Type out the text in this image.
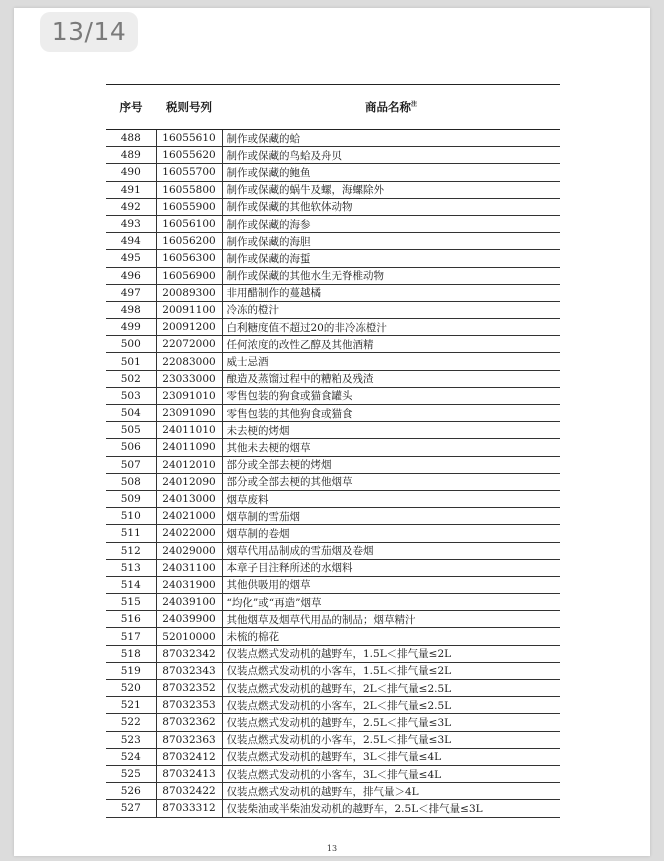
序号	税则号列	商品名称$^注$
488	16055610	制作或保藏的蛤
489	16055620	制作或保藏的鸟蛤及舟贝
490	16055700	制作或保藏的鲍鱼
491	16055800	制作或保藏的蜗牛及螺，海螺除外
492	16055900	制作或保藏的其他软体动物
493	16056100	制作或保藏的海参
494	16056200	制作或保藏的海胆
495	16056300	制作或保藏的海蜇
496	16056900	制作或保藏的其他水生无脊椎动物
497	20089300	非用醋制作的蔓越橘
498	20091100	冷冻的橙汁
499	20091200	白利糖度值不超过20的非冷冻橙汁
500	22072000	任何浓度的改性乙醇及其他酒精
501	22083000	威士忌酒
502	23033000	酿造及蒸馏过程中的糟粕及残渣
503	23091010	零售包装的狗食或猫食罐头
504	23091090	零售包装的其他狗食或猫食
505	24011010	未去梗的烤烟
506	24011090	其他未去梗的烟草
507	24012010	部分或全部去梗的烤烟
508	24012090	部分或全部去梗的其他烟草
509	24013000	烟草废料
510	24021000	烟草制的雪茄烟
511	24022000	烟草制的卷烟
512	24029000	烟草代用品制成的雪茄烟及卷烟
513	24031100	本章子目注释所述的水烟料
514	24031900	其他供吸用的烟草
515	24039100	“均化”或“再造”烟草
516	24039900	其他烟草及烟草代用品的制品；烟草精汁
517	52010000	未梳的棉花
518	87032342	仅装点燃式发动机的越野车，1.5L＜排气量≤2L
519	87032343	仅装点燃式发动机的小客车，1.5L＜排气量≤2L
520	87032352	仅装点燃式发动机的越野车，2L＜排气量≤2.5L
521	87032353	仅装点燃式发动机的小客车，2L＜排气量≤2.5L
522	87032362	仅装点燃式发动机的越野车，2.5L＜排气量≤3L
523	87032363	仅装点燃式发动机的小客车，2.5L＜排气量≤3L
524	87032412	仅装点燃式发动机的越野车，3L＜排气量≤4L
525	87032413	仅装点燃式发动机的小客车，3L＜排气量≤4L
526	87032422	仅装点燃式发动机的越野车，排气量＞4L
527	87033312	仅装柴油或半柴油发动机的越野车，2.5L＜排气量≤3L
13
13/14
